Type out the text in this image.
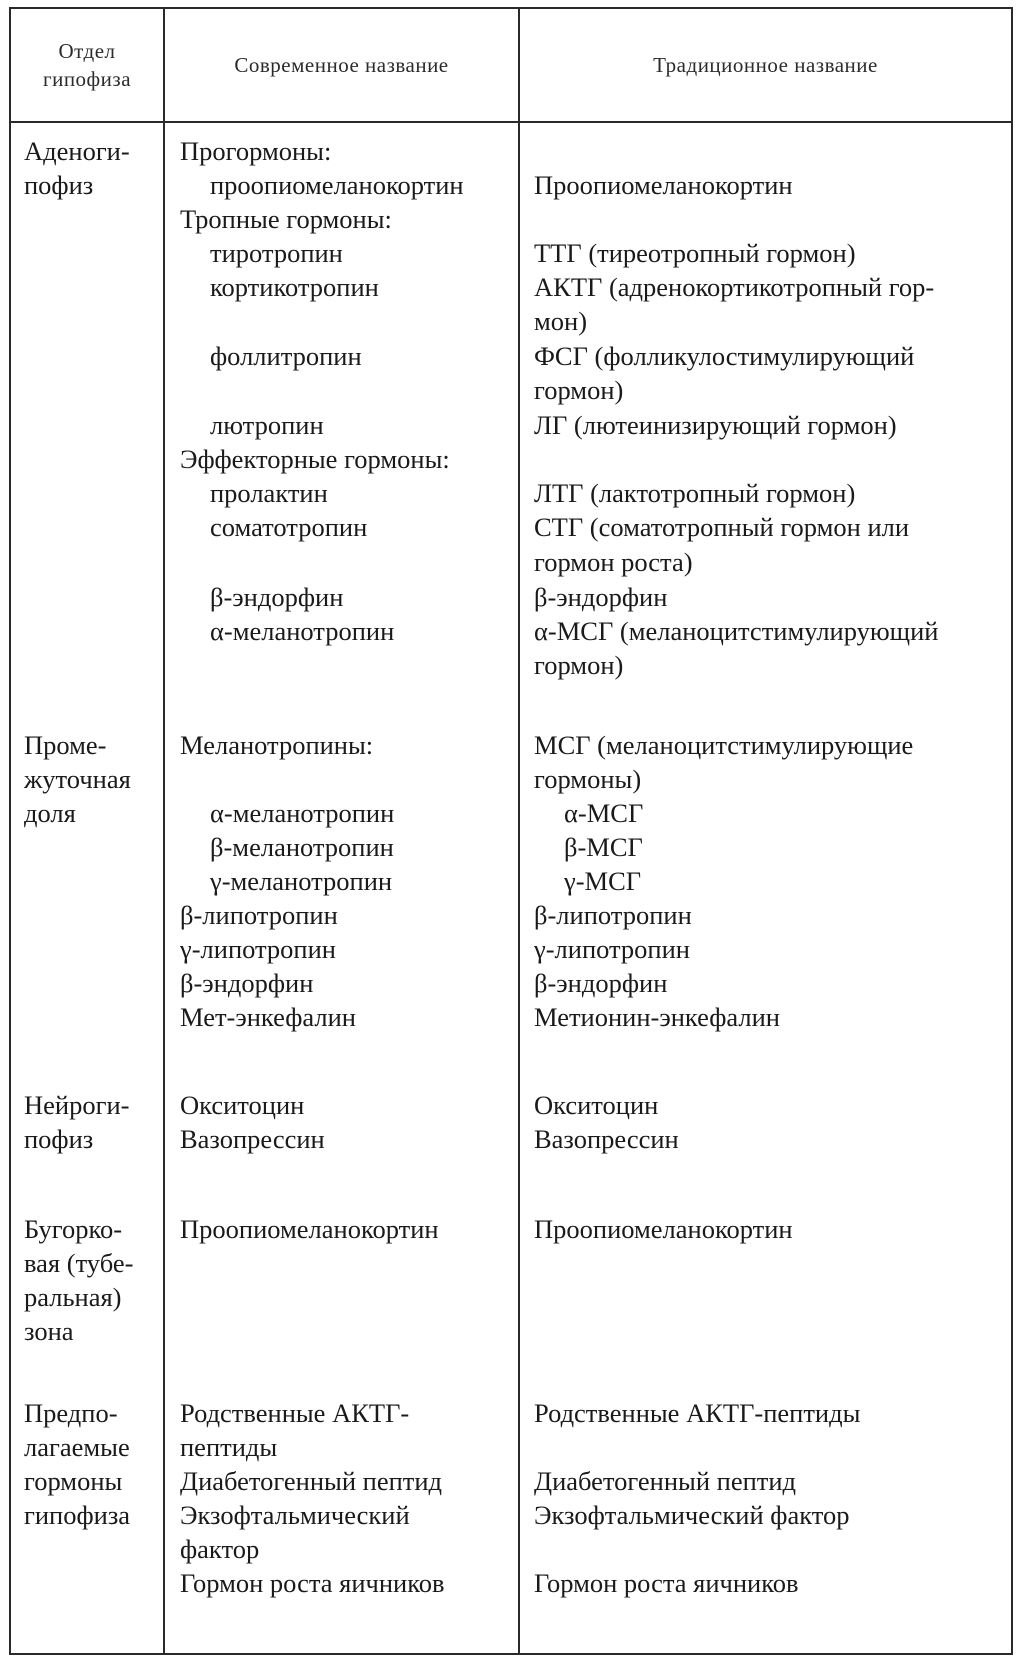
Отдел
гипофиза
Современное название	Традиционное название
Аденоги-
пофиз
Проме-
жуточная
доля
Нейроги-
пофиз
Бугорко-
вая (тубе-
ральная)
зона
Предпо-
лагаемые
гормоны
гипофиза
Прогормоны:
проопиомеланокортин
Тропные гормоны:
тиротропин
кортикотропин
фоллитропин
лютропин
Эффекторные гормоны:
пролактин
соматотропин
β-эндорфин
α-меланотропин
Меланотропины:
α-меланотропин
β-меланотропин
γ-меланотропин
β-липотропин
γ-липотропин
β-эндорфин
Мет-энкефалин
Окситоцин
Вазопрессин
Проопиомеланокортин
Родственные АКТГ-
пептиды
Диабетогенный пептид
Экзофтальмический
фактор
Гормон роста яичников
Проопиомеланокортин
ТТГ (тиреотропный гормон)
АКТГ (адренокортикотропный гор-
мон)
ФСГ (фолликулостимулирующий
гормон)
ЛГ (лютеинизирующий гормон)
ЛТГ (лактотропный гормон)
СТГ (соматотропный гормон или
гормон роста)
β-эндорфин
α-МСГ (меланоцитстимулирующий
гормон)
МСГ (меланоцитстимулирующие
гормоны)
α-МСГ
β-МСГ
γ-МСГ
β-липотропин
γ-липотропин
β-эндорфин
Метионин-энкефалин
Окситоцин
Вазопрессин
Проопиомеланокортин
Родственные АКТГ-пептиды
Диабетогенный пептид
Экзофтальмический фактор
Гормон роста яичников
